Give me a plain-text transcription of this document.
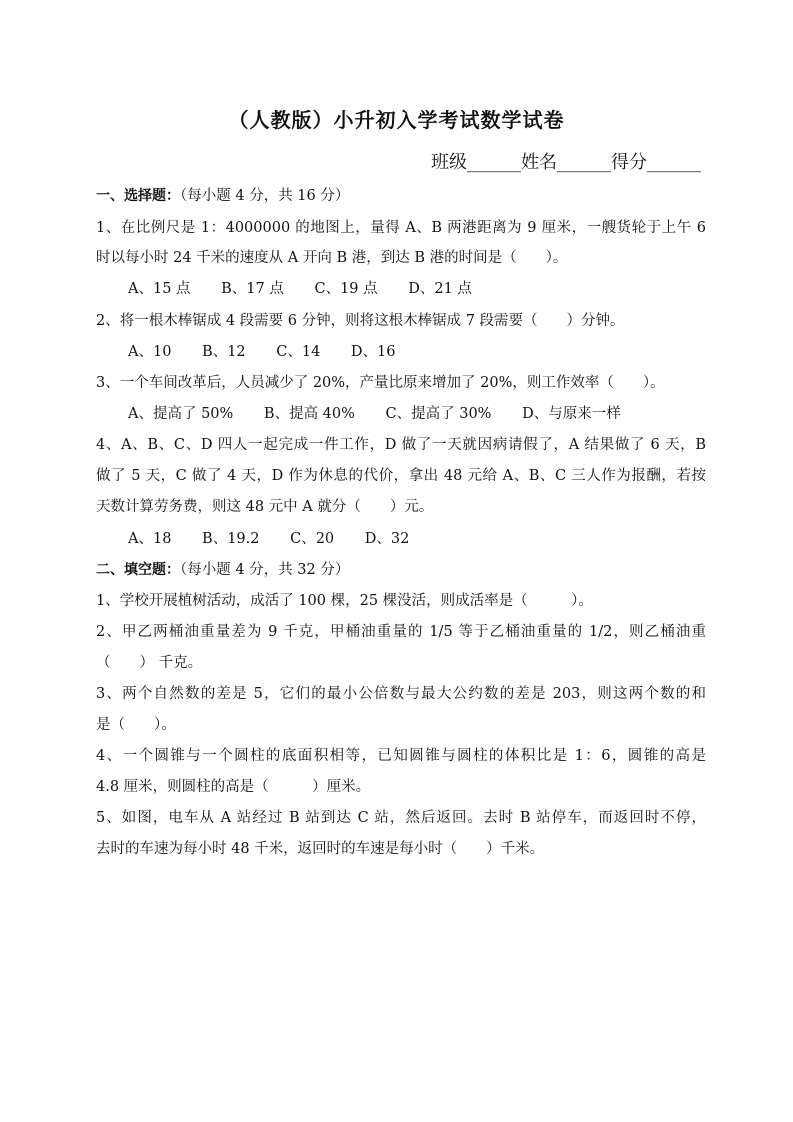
（人教版）小升初入学考试数学试卷
班级______姓名______得分______
一、选择题：（每小题 4 分，共 16 分）
1、在比例尺是 1：4000000 的地图上，量得 A、B 两港距离为 9 厘米，一艘货轮于上午 6
时以每小时 24 千米的速度从 A 开向 B 港，到达 B 港的时间是（　　）。
A、15 点 B、17 点 C、19 点 D、21 点
2、将一根木棒锯成 4 段需要 6 分钟，则将这根木棒锯成 7 段需要（　　）分钟。
A、10 B、12 C、14 D、16
3、一个车间改革后，人员减少了 20%，产量比原来增加了 20%，则工作效率（　　）。
A、提高了 50% B、提高 40% C、提高了 30% D、与原来一样
4、A、B、C、D 四人一起完成一件工作，D 做了一天就因病请假了，A 结果做了 6 天，B
做了 5 天，C 做了 4 天，D 作为休息的代价，拿出 48 元给 A、B、C 三人作为报酬，若按
天数计算劳务费，则这 48 元中 A 就分（　　）元。
A、18 B、19.2 C、20 D、32
二、填空题：（每小题 4 分，共 32 分）
1、学校开展植树活动，成活了 100 棵，25 棵没活，则成活率是（　　　）。
2、甲乙两桶油重量差为 9 千克，甲桶油重量的 1/5 等于乙桶油重量的 1/2，则乙桶油重
（　　） 千克。
3、两个自然数的差是 5，它们的最小公倍数与最大公约数的差是 203，则这两个数的和
是（　　）。
4、一个圆锥与一个圆柱的底面积相等，已知圆锥与圆柱的体积比是 1：6，圆锥的高是
4.8 厘米，则圆柱的高是（　　　）厘米。
5、如图，电车从 A 站经过 B 站到达 C 站，然后返回。去时 B 站停车，而返回时不停，
去时的车速为每小时 48 千米，返回时的车速是每小时（　　）千米。
